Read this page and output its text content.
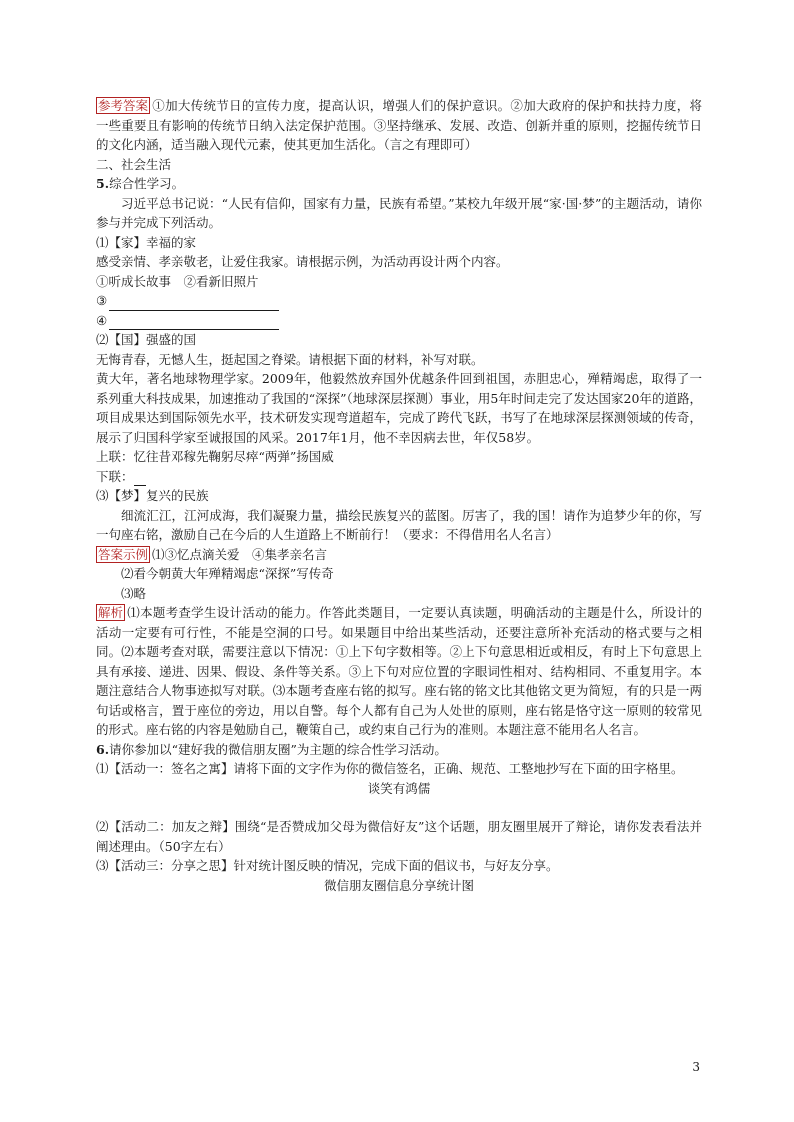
参考答案 ①加大传统节日的宣传力度，提高认识，增强人们的保护意识。②加大政府的保护和扶持力度，将一些重要且有影响的传统节日纳入法定保护范围。③坚持继承、发展、改造、创新并重的原则，挖掘传统节日的文化内涵，适当融入现代元素，使其更加生活化。（言之有理即可）

二、社会生活

5.综合性学习。

习近平总书记说：“人民有信仰，国家有力量，民族有希望。”某校九年级开展“家·国·梦”的主题活动，请你参与并完成下列活动。

⑴【家】幸福的家

感受亲情、孝亲敬老，让爱住我家。请根据示例，为活动再设计两个内容。

①听成长故事　②看新旧照片

③

④

⑵【国】强盛的国

无悔青春，无憾人生，挺起国之脊梁。请根据下面的材料，补写对联。

黄大年，著名地球物理学家。2009年，他毅然放弃国外优越条件回到祖国，赤胆忠心，殚精竭虑，取得了一系列重大科技成果，加速推动了我国的“深探”（地球深层探测）事业，用5年时间走完了发达国家20年的道路，项目成果达到国际领先水平，技术研发实现弯道超车，完成了跨代飞跃，书写了在地球深层探测领域的传奇，展示了归国科学家至诚报国的风采。2017年1月，他不幸因病去世，年仅58岁。

上联：忆往昔邓稼先鞠躬尽瘁“两弹”扬国威

下联：

⑶【梦】复兴的民族

细流汇江，江河成海，我们凝聚力量，描绘民族复兴的蓝图。厉害了，我的国！请作为追梦少年的你，写一句座右铭，激励自己在今后的人生道路上不断前行！（要求：不得借用名人名言）

答案示例 ⑴③忆点滴关爱　④集孝亲名言

⑵看今朝黄大年殚精竭虑“深探”写传奇

⑶略

解析 ⑴本题考查学生设计活动的能力。作答此类题目，一定要认真读题，明确活动的主题是什么，所设计的活动一定要有可行性，不能是空洞的口号。如果题目中给出某些活动，还要注意所补充活动的格式要与之相同。⑵本题考查对联，需要注意以下情况：①上下句字数相等。②上下句意思相近或相反，有时上下句意思上具有承接、递进、因果、假设、条件等关系。③上下句对应位置的字眼词性相对、结构相同、不重复用字。本题注意结合人物事迹拟写对联。⑶本题考查座右铭的拟写。座右铭的铭文比其他铭文更为简短，有的只是一两句话或格言，置于座位的旁边，用以自警。每个人都有自己为人处世的原则，座右铭是恪守这一原则的较常见的形式。座右铭的内容是勉励自己，鞭策自己，或约束自己行为的准则。本题注意不能用名人名言。

6.请你参加以“建好我的微信朋友圈”为主题的综合性学习活动。

⑴【活动一：签名之寓】请将下面的文字作为你的微信签名，正确、规范、工整地抄写在下面的田字格里。

谈笑有鸿儒

⑵【活动二：加友之辩】围绕“是否赞成加父母为微信好友”这个话题，朋友圈里展开了辩论，请你发表看法并阐述理由。（50字左右）

⑶【活动三：分享之思】针对统计图反映的情况，完成下面的倡议书，与好友分享。

微信朋友圈信息分享统计图

3
